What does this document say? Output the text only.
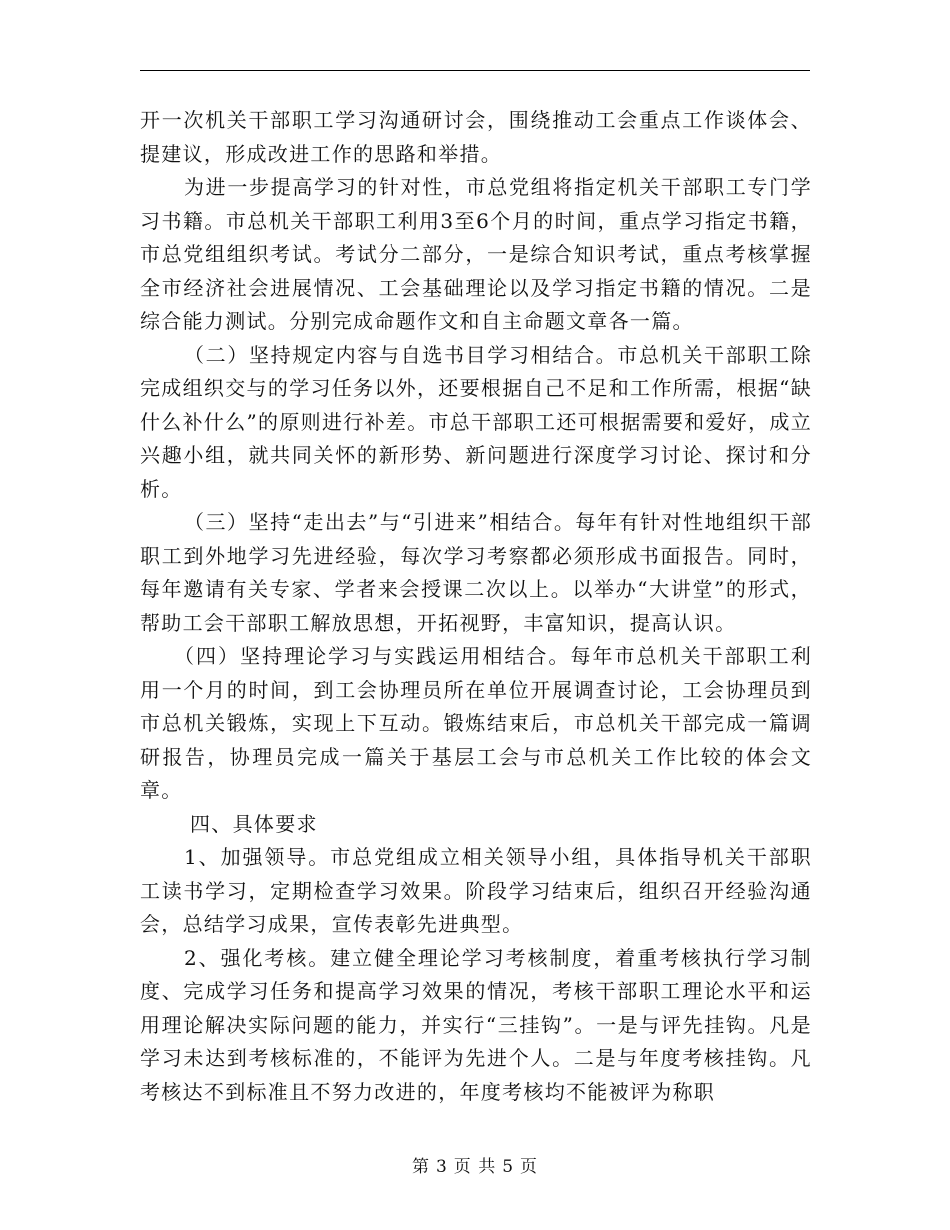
开一次机关干部职工学习沟通研讨会，围绕推动工会重点工作谈体会、提建议，形成改进工作的思路和举措。

为进一步提高学习的针对性，市总党组将指定机关干部职工专门学习书籍。市总机关干部职工利用3至6个月的时间，重点学习指定书籍，市总党组组织考试。考试分二部分，一是综合知识考试，重点考核掌握全市经济社会进展情况、工会基础理论以及学习指定书籍的情况。二是综合能力测试。分别完成命题作文和自主命题文章各一篇。

（二）坚持规定内容与自选书目学习相结合。市总机关干部职工除完成组织交与的学习任务以外，还要根据自己不足和工作所需，根据“缺什么补什么”的原则进行补差。市总干部职工还可根据需要和爱好，成立兴趣小组，就共同关怀的新形势、新问题进行深度学习讨论、探讨和分析。

（三）坚持“走出去”与“引进来”相结合。每年有针对性地组织干部职工到外地学习先进经验，每次学习考察都必须形成书面报告。同时，每年邀请有关专家、学者来会授课二次以上。以举办“大讲堂”的形式，帮助工会干部职工解放思想，开拓视野，丰富知识，提高认识。

（四）坚持理论学习与实践运用相结合。每年市总机关干部职工利用一个月的时间，到工会协理员所在单位开展调查讨论，工会协理员到市总机关锻炼，实现上下互动。锻炼结束后，市总机关干部完成一篇调研报告，协理员完成一篇关于基层工会与市总机关工作比较的体会文章。

四、具体要求

1、加强领导。市总党组成立相关领导小组，具体指导机关干部职工读书学习，定期检查学习效果。阶段学习结束后，组织召开经验沟通会，总结学习成果，宣传表彰先进典型。

2、强化考核。建立健全理论学习考核制度，着重考核执行学习制度、完成学习任务和提高学习效果的情况，考核干部职工理论水平和运用理论解决实际问题的能力，并实行“三挂钩”。一是与评先挂钩。凡是学习未达到考核标准的，不能评为先进个人。二是与年度考核挂钩。凡考核达不到标准且不努力改进的，年度考核均不能被评为称职

第 3 页 共 5 页
